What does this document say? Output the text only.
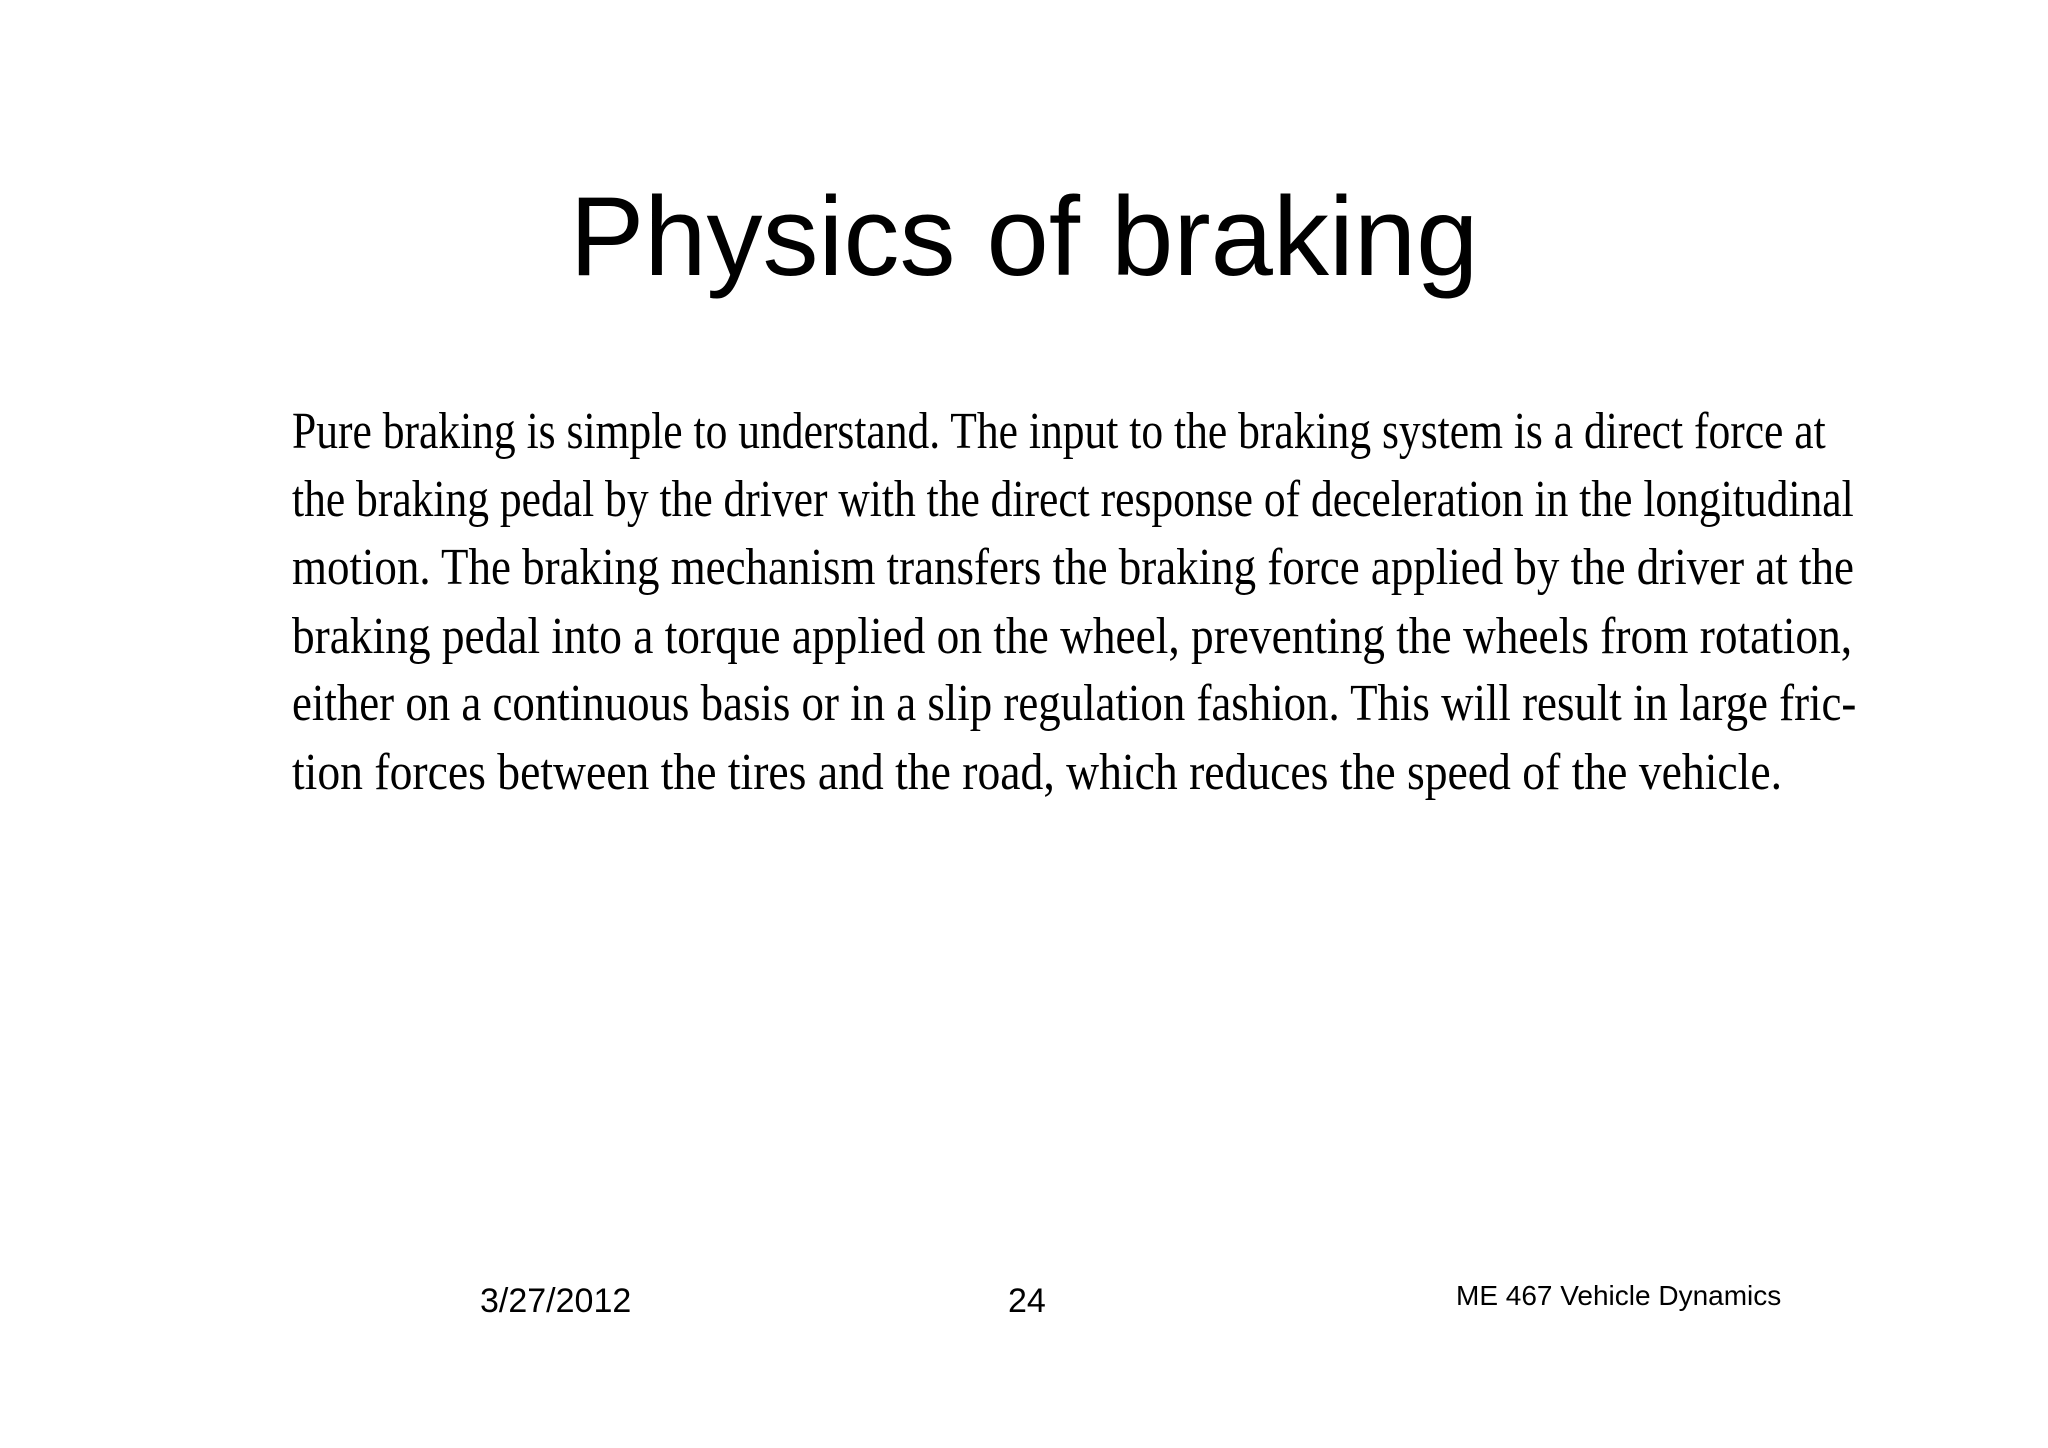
Physics of braking
Pure braking is simple to understand. The input to the braking system is a direct force at
the braking pedal by the driver with the direct response of deceleration in the longitudinal
motion. The braking mechanism transfers the braking force applied by the driver at the
braking pedal into a torque applied on the wheel, preventing the wheels from rotation,
either on a continuous basis or in a slip regulation fashion. This will result in large fric-
tion forces between the tires and the road, which reduces the speed of the vehicle.
3/27/2012	24	ME 467 Vehicle Dynamics
